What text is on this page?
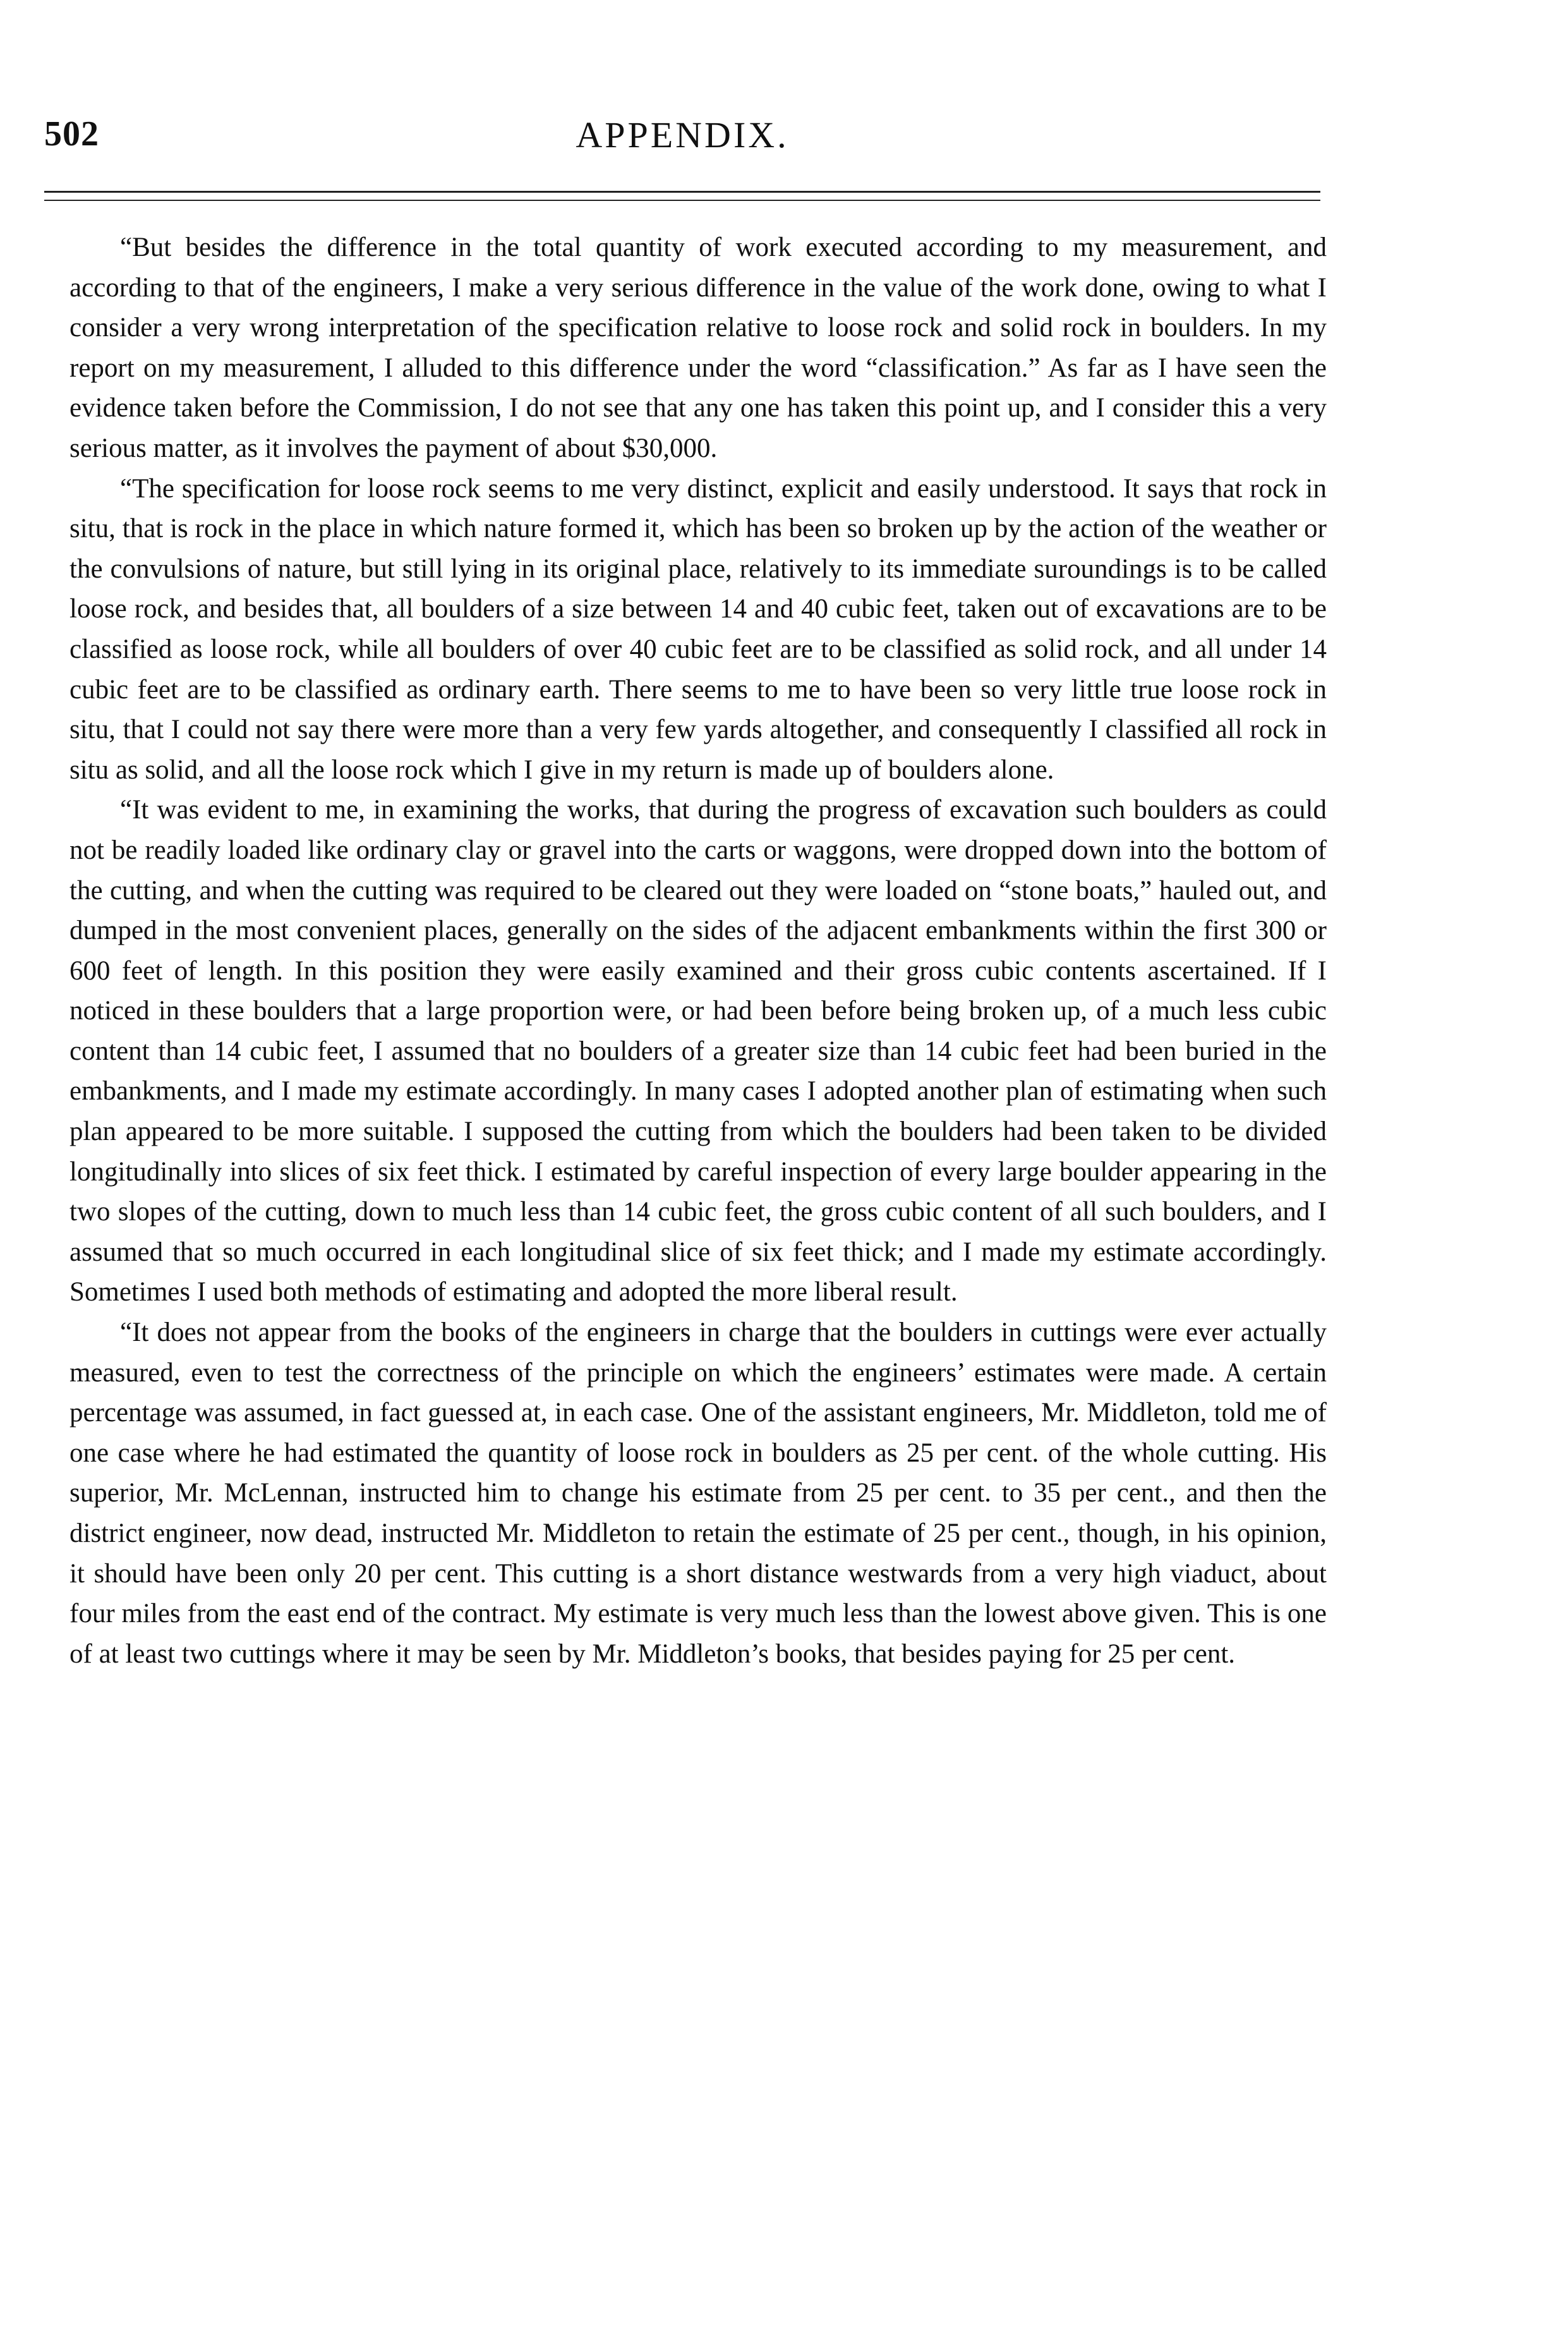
502	APPENDIX.

“But besides the difference in the total quantity of work executed according to my measurement, and according to that of the engineers, I make a very serious difference in the value of the work done, owing to what I consider a very wrong interpretation of the specification relative to loose rock and solid rock in boulders. In my report on my measurement, I alluded to this difference under the word “classification.” As far as I have seen the evidence taken before the Commission, I do not see that any one has taken this point up, and I consider this a very serious matter, as it involves the payment of about $30,000.

“The specification for loose rock seems to me very distinct, explicit and easily understood. It says that rock in situ, that is rock in the place in which nature formed it, which has been so broken up by the action of the weather or the convulsions of nature, but still lying in its original place, relatively to its immediate suroundings is to be called loose rock, and besides that, all boulders of a size between 14 and 40 cubic feet, taken out of excavations are to be classified as loose rock, while all boulders of over 40 cubic feet are to be classified as solid rock, and all under 14 cubic feet are to be classified as ordinary earth. There seems to me to have been so very little true loose rock in situ, that I could not say there were more than a very few yards altogether, and consequently I classified all rock in situ as solid, and all the loose rock which I give in my return is made up of boulders alone.

“It was evident to me, in examining the works, that during the progress of excavation such boulders as could not be readily loaded like ordinary clay or gravel into the carts or waggons, were dropped down into the bottom of the cutting, and when the cutting was required to be cleared out they were loaded on “stone boats,” hauled out, and dumped in the most convenient places, generally on the sides of the adjacent embankments within the first 300 or 600 feet of length. In this position they were easily examined and their gross cubic contents ascertained. If I noticed in these boulders that a large proportion were, or had been before being broken up, of a much less cubic content than 14 cubic feet, I assumed that no boulders of a greater size than 14 cubic feet had been buried in the embankments, and I made my estimate accordingly. In many cases I adopted another plan of estimating when such plan appeared to be more suitable. I supposed the cutting from which the boulders had been taken to be divided longitudinally into slices of six feet thick. I estimated by careful inspection of every large boulder appearing in the two slopes of the cutting, down to much less than 14 cubic feet, the gross cubic content of all such boulders, and I assumed that so much occurred in each longitudinal slice of six feet thick; and I made my estimate accordingly. Sometimes I used both methods of estimating and adopted the more liberal result.

“It does not appear from the books of the engineers in charge that the boulders in cuttings were ever actually measured, even to test the correctness of the principle on which the engineers’ estimates were made. A certain percentage was assumed, in fact guessed at, in each case. One of the assistant engineers, Mr. Middleton, told me of one case where he had estimated the quantity of loose rock in boulders as 25 per cent. of the whole cutting. His superior, Mr. McLennan, instructed him to change his estimate from 25 per cent. to 35 per cent., and then the district engineer, now dead, instructed Mr. Middleton to retain the estimate of 25 per cent., though, in his opinion, it should have been only 20 per cent. This cutting is a short distance westwards from a very high viaduct, about four miles from the east end of the contract. My estimate is very much less than the lowest above given. This is one of at least two cuttings where it may be seen by Mr. Middleton’s books, that besides paying for 25 per cent.
